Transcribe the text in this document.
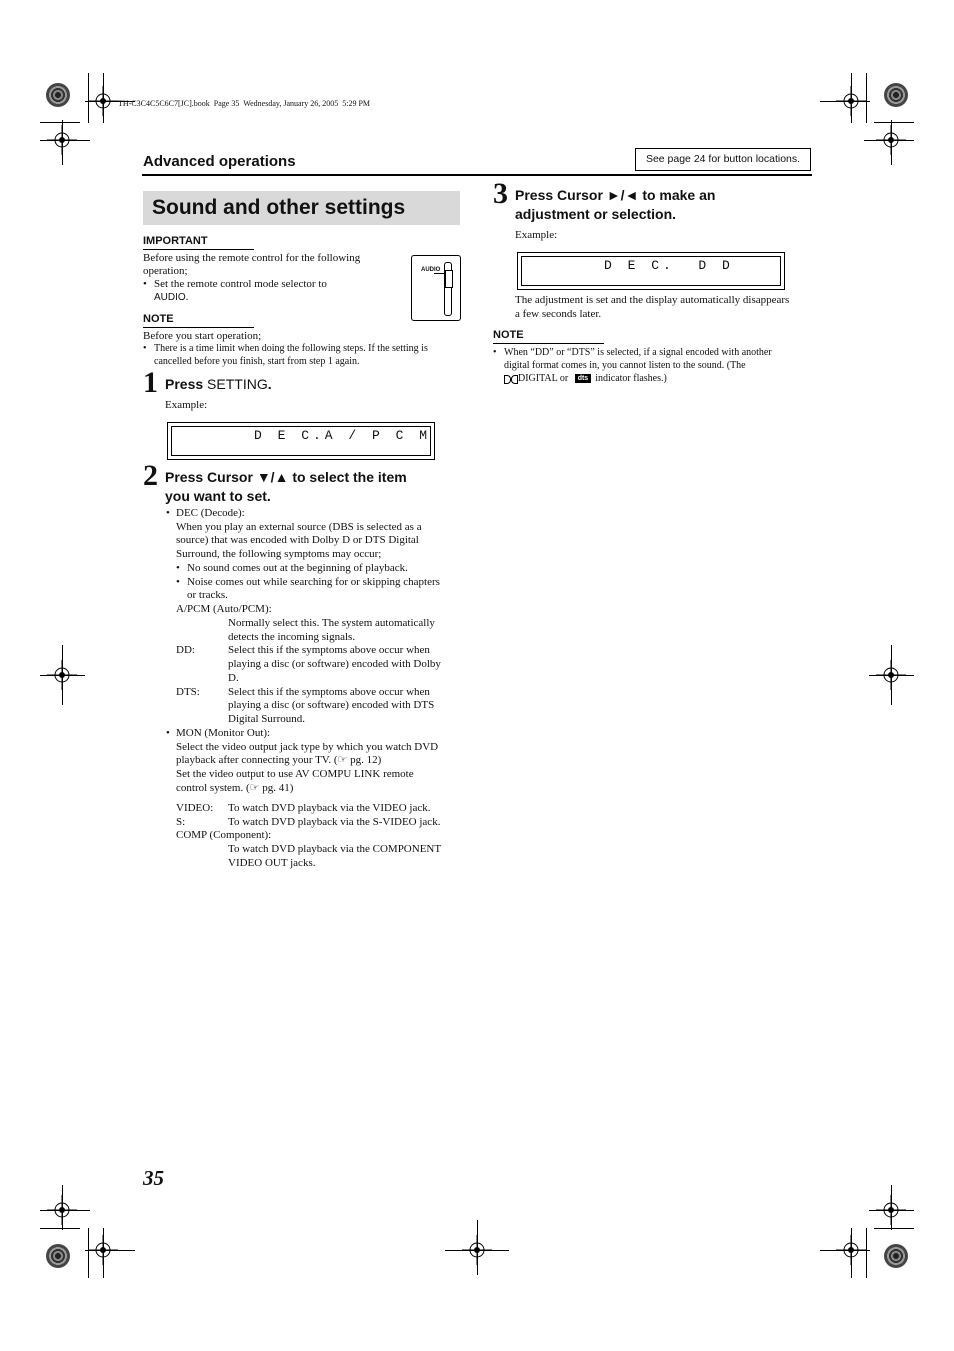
TH-C3C4C5C6C7[JC].book  Page 35  Wednesday, January 26, 2005  5:29 PM
Advanced operations	See page 24 for button locations.
Sound and other settings
IMPORTANT
Before using the remote control for the following
operation;
• Set the remote control mode selector to
AUDIO.
AUDIO
NOTE
Before you start operation;
• There is a time limit when doing the following steps. If the setting is
cancelled before you finish, start from step 1 again.
1 Press SETTING.
Example:
D E C.A / P C M
2 Press Cursor ▼/▲ to select the item
you want to set.
• DEC (Decode):
When you play an external source (DBS is selected as a
source) that was encoded with Dolby D or DTS Digital
Surround, the following symptoms may occur;
• No sound comes out at the beginning of playback.
• Noise comes out while searching for or skipping chapters
or tracks.
A/PCM (Auto/PCM):
Normally select this. The system automatically
detects the incoming signals.
DD:	Select this if the symptoms above occur when
playing a disc (or software) encoded with Dolby
D.
DTS:	Select this if the symptoms above occur when
playing a disc (or software) encoded with DTS
Digital Surround.
• MON (Monitor Out):
Select the video output jack type by which you watch DVD
playback after connecting your TV. (☞ pg. 12)
Set the video output to use AV COMPU LINK remote
control system. (☞ pg. 41)
VIDEO: To watch DVD playback via the VIDEO jack.
S:	To watch DVD playback via the S-VIDEO jack.
COMP (Component):
To watch DVD playback via the COMPONENT
VIDEO OUT jacks.
3 Press Cursor ►/◄ to make an
adjustment or selection.
Example:
D E C.  D D
The adjustment is set and the display automatically disappears
a few seconds later.
NOTE
• When “DD” or “DTS” is selected, if a signal encoded with another
digital format comes in, you cannot listen to the sound. (The
DIGITAL or dts indicator flashes.)
35
